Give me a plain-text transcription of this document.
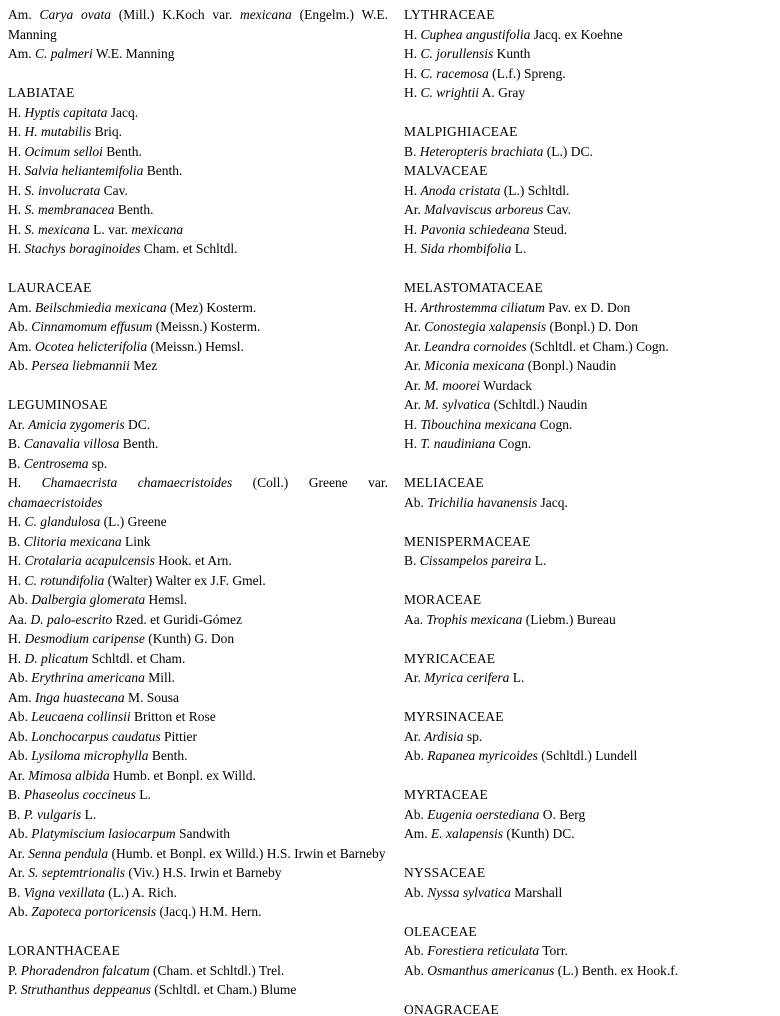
Am. Carya ovata (Mill.) K.Koch var. mexicana (Engelm.) W.E. Manning
Am. C. palmeri W.E. Manning
LABIATAE
H. Hyptis capitata Jacq.
H. H. mutabilis Briq.
H. Ocimum selloi Benth.
H. Salvia heliantemifolia Benth.
H. S. involucrata Cav.
H. S. membranacea Benth.
H. S. mexicana L. var. mexicana
H. Stachys boraginoides Cham. et Schltdl.
LAURACEAE
Am. Beilschmiedia mexicana (Mez) Kosterm.
Ab. Cinnamomum effusum (Meissn.) Kosterm.
Am. Ocotea helicterifolia (Meissn.) Hemsl.
Ab. Persea liebmannii Mez
LEGUMINOSAE
Ar. Amicia zygomeris DC.
B. Canavalia villosa Benth.
B. Centrosema sp.
H. Chamaecrista chamaecristoides (Coll.) Greene var. chamaecristoides
H. C. glandulosa (L.) Greene
B. Clitoria mexicana Link
H. Crotalaria acapulcensis Hook. et Arn.
H. C. rotundifolia (Walter) Walter ex J.F. Gmel.
Ab. Dalbergia glomerata Hemsl.
Aa. D. palo-escrito Rzed. et Guridi-Gómez
H. Desmodium caripense (Kunth) G. Don
H. D. plicatum Schltdl. et Cham.
Ab. Erythrina americana Mill.
Am. Inga huastecana M. Sousa
Ab. Leucaena collinsii Britton et Rose
Ab. Lonchocarpus caudatus Pittier
Ab. Lysiloma microphylla Benth.
Ar. Mimosa albida Humb. et Bonpl. ex Willd.
B. Phaseolus coccineus L.
B. P. vulgaris L.
Ab. Platymiscium lasiocarpum Sandwith
Ar. Senna pendula (Humb. et Bonpl. ex Willd.) H.S. Irwin et Barneby
Ar. S. septemtrionalis (Viv.) H.S. Irwin et Barneby
B. Vigna vexillata (L.) A. Rich.
Ab. Zapoteca portoricensis (Jacq.) H.M. Hern.
LORANTHACEAE
P. Phoradendron falcatum (Cham. et Schltdl.) Trel.
P. Struthanthus deppeanus (Schltdl. et Cham.) Blume
LYTHRACEAE
H. Cuphea angustifolia Jacq. ex Koehne
H. C. jorullensis Kunth
H. C. racemosa (L.f.) Spreng.
H. C. wrightii A. Gray
MALPIGHIACEAE
B. Heteropteris brachiata (L.) DC.
MALVACEAE
H. Anoda cristata (L.) Schltdl.
Ar. Malvaviscus arboreus Cav.
H. Pavonia schiedeana Steud.
H. Sida rhombifolia L.
MELASTOMATACEAE
H. Arthrostemma ciliatum Pav. ex D. Don
Ar. Conostegia xalapensis (Bonpl.) D. Don
Ar. Leandra cornoides (Schltdl. et Cham.) Cogn.
Ar. Miconia mexicana (Bonpl.) Naudin
Ar. M. moorei Wurdack
Ar. M. sylvatica (Schltdl.) Naudin
H. Tibouchina mexicana Cogn.
H. T. naudiniana Cogn.
MELIACEAE
Ab. Trichilia havanensis Jacq.
MENISPERMACEAE
B. Cissampelos pareira L.
MORACEAE
Aa. Trophis mexicana (Liebm.) Bureau
MYRICACEAE
Ar. Myrica cerifera L.
MYRSINACEAE
Ar. Ardisia sp.
Ab. Rapanea myricoides (Schltdl.) Lundell
MYRTACEAE
Ab. Eugenia oerstediana O. Berg
Am. E. xalapensis (Kunth) DC.
NYSSACEAE
Ab. Nyssa sylvatica Marshall
OLEACEAE
Ab. Forestiera reticulata Torr.
Ab. Osmanthus americanus (L.) Benth. ex Hook.f.
ONAGRACEAE
